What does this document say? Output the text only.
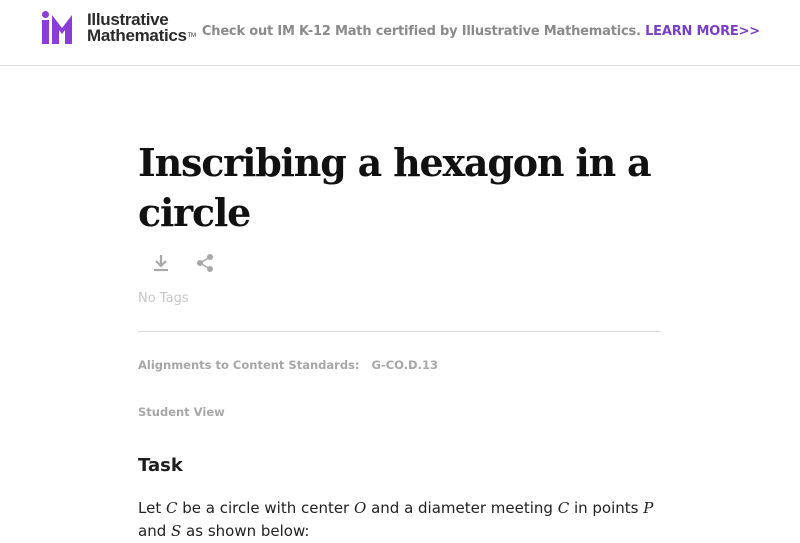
Illustrative
Mathematics™ Check out IM K-12 Math certified by Illustrative Mathematics. LEARN MORE>>
Inscribing a hexagon in a circle
No Tags
Alignments to Content Standards: G-CO.D.13
Student View
Task
Let C be a circle with center O and a diameter meeting C in points P and S as shown below:
